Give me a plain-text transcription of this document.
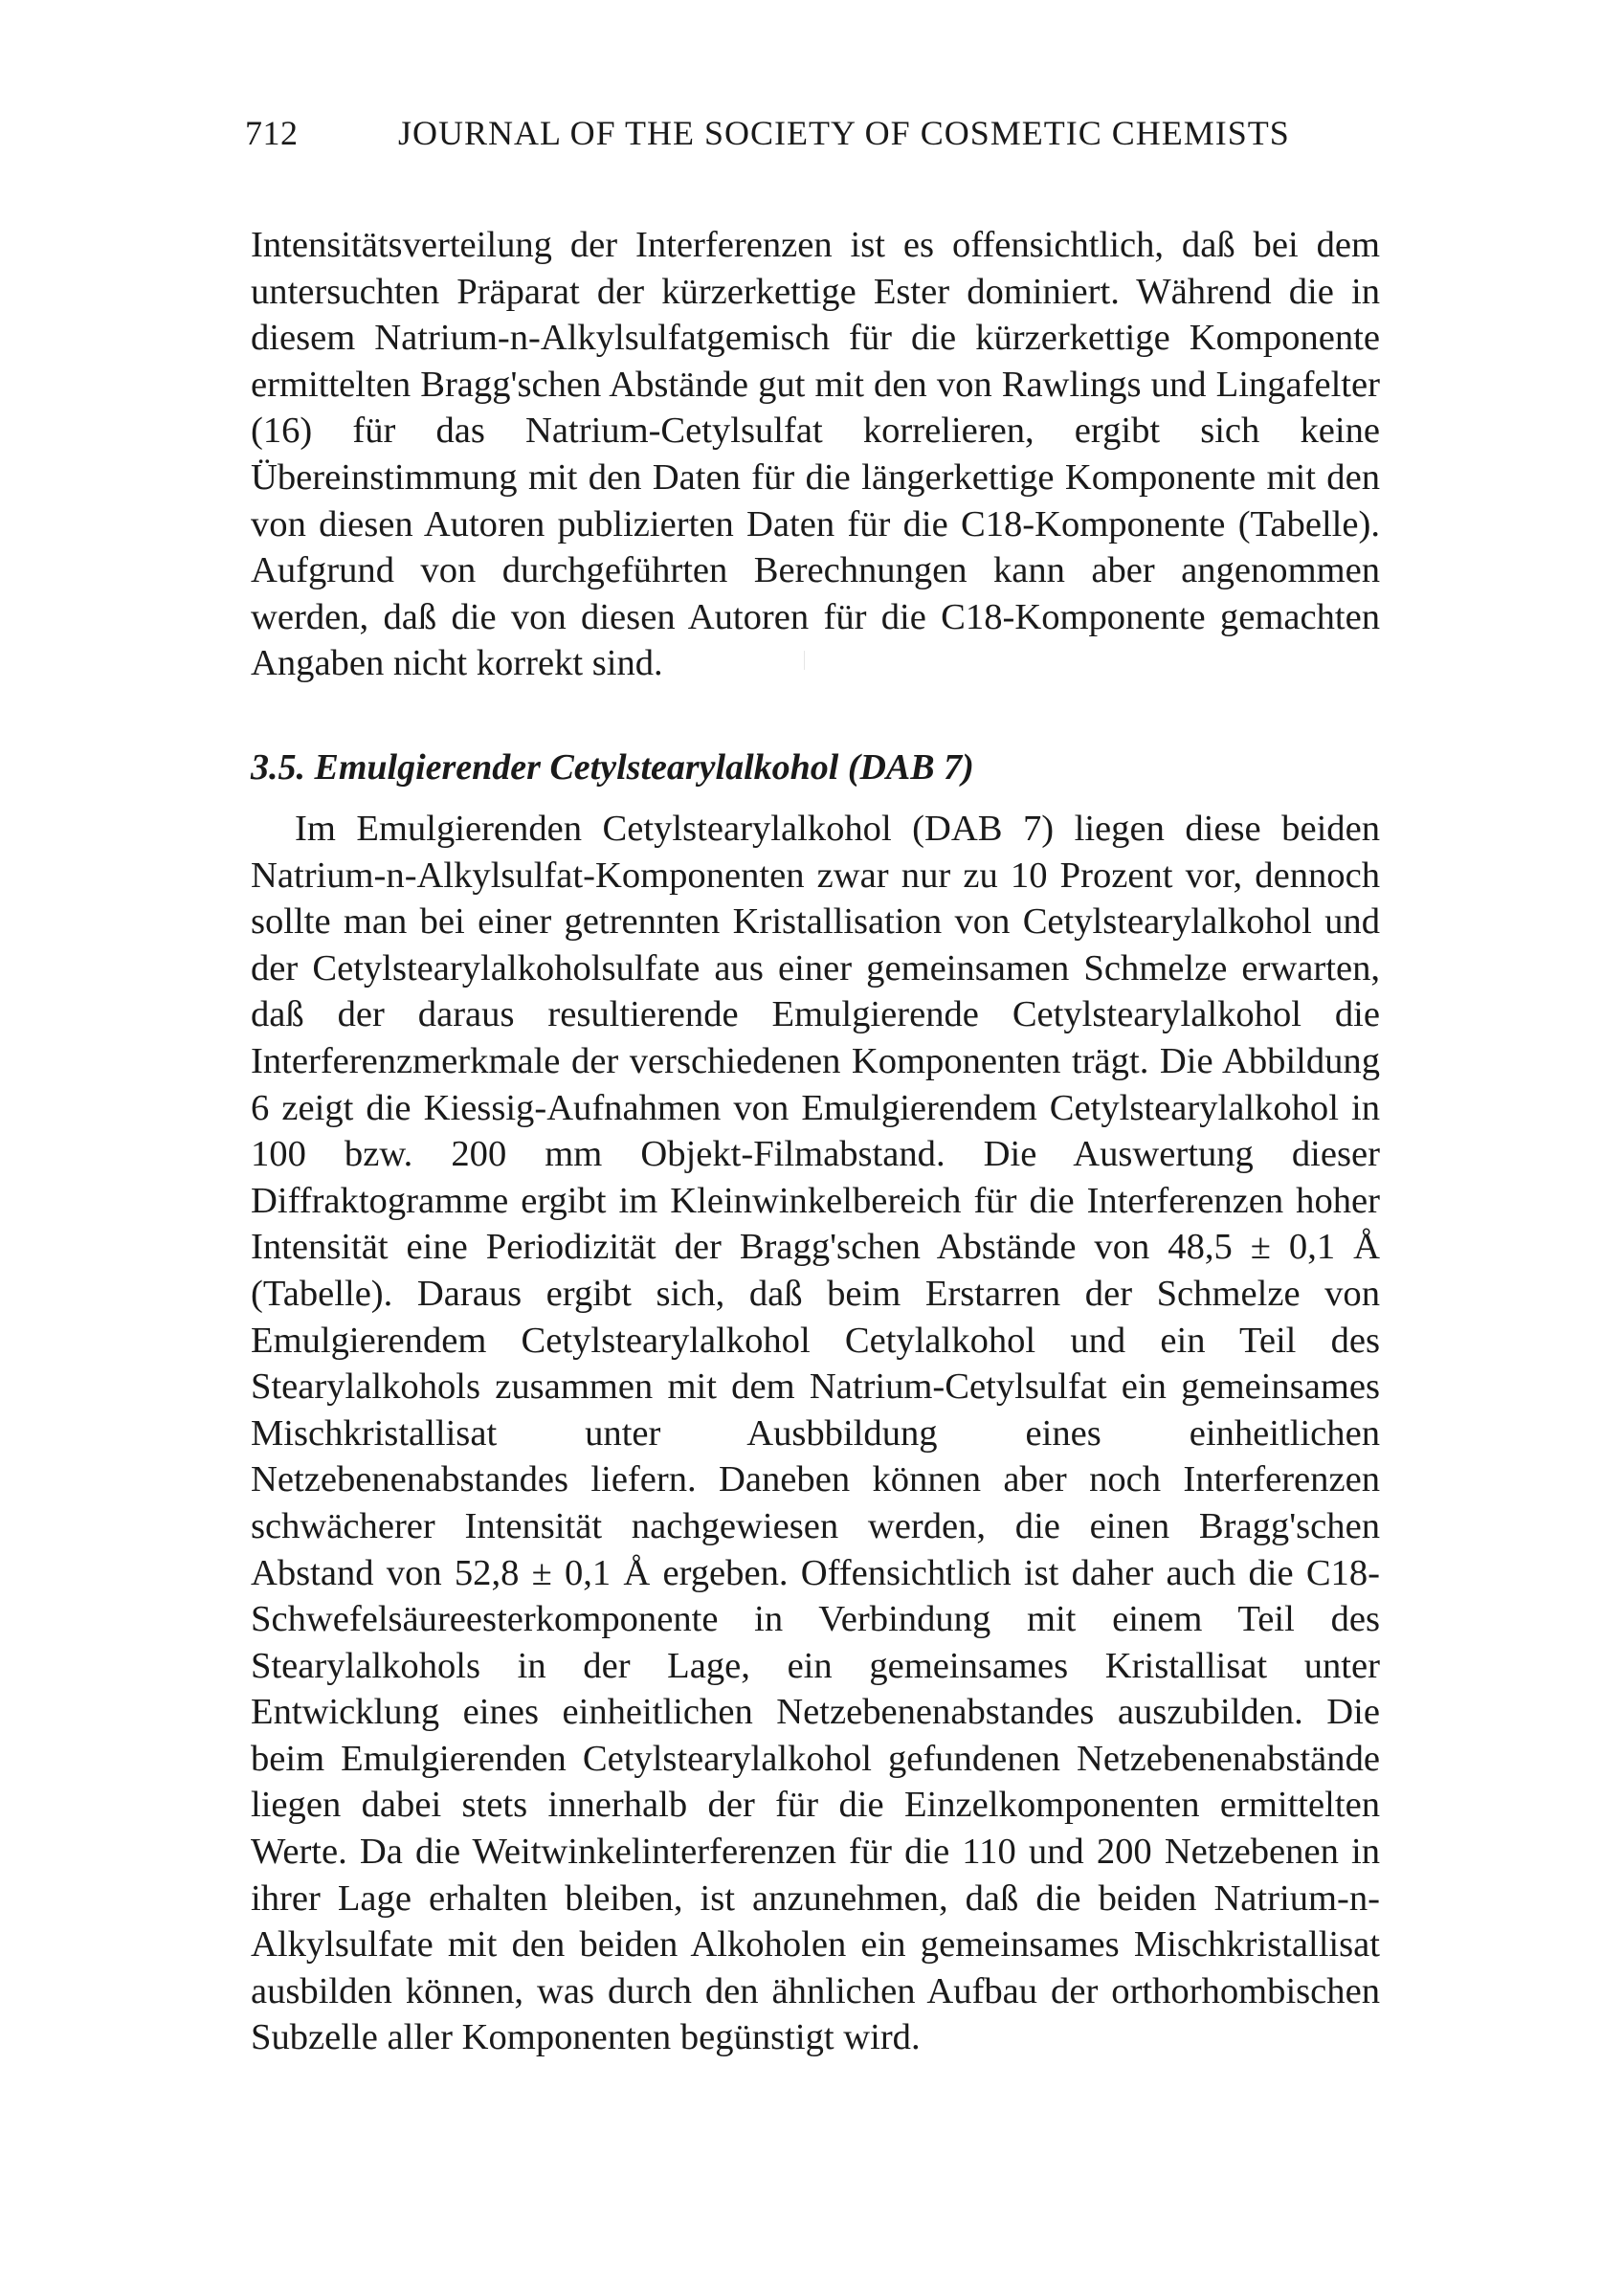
712	JOURNAL OF THE SOCIETY OF COSMETIC CHEMISTS

Intensitätsverteilung der Interferenzen ist es offensichtlich, daß bei dem untersuchten Präparat der kürzerkettige Ester dominiert. Während die in diesem Natrium-n-Alkylsulfatgemisch für die kürzerkettige Komponente ermittelten Bragg'schen Abstände gut mit den von Rawlings und Lingafelter (16) für das Natrium-Cetylsulfat korrelieren, ergibt sich keine Übereinstimmung mit den Daten für die längerkettige Komponente mit den von diesen Autoren publizierten Daten für die C18-Komponente (Tabelle). Aufgrund von durchgeführten Berechnungen kann aber angenommen werden, daß die von diesen Autoren für die C18-Komponente gemachten Angaben nicht korrekt sind.

3.5. Emulgierender Cetylstearylalkohol (DAB 7)

Im Emulgierenden Cetylstearylalkohol (DAB 7) liegen diese beiden Natrium-n-Alkylsulfat-Komponenten zwar nur zu 10 Prozent vor, dennoch sollte man bei einer getrennten Kristallisation von Cetylstearylalkohol und der Cetylstearylalkoholsulfate aus einer gemeinsamen Schmelze erwarten, daß der daraus resultierende Emulgierende Cetylstearylalkohol die Interferenzmerkmale der verschiedenen Komponenten trägt. Die Abbildung 6 zeigt die Kiessig-Aufnahmen von Emulgierendem Cetylstearylalkohol in 100 bzw. 200 mm Objekt-Filmabstand. Die Auswertung dieser Diffraktogramme ergibt im Kleinwinkelbereich für die Interferenzen hoher Intensität eine Periodizität der Bragg'schen Abstände von 48,5 ± 0,1 Å (Tabelle). Daraus ergibt sich, daß beim Erstarren der Schmelze von Emulgierendem Cetylstearylalkohol Cetylalkohol und ein Teil des Stearylalkohols zusammen mit dem Natrium-Cetylsulfat ein gemeinsames Mischkristallisat unter Ausbbildung eines einheitlichen Netzebenenabstandes liefern. Daneben können aber noch Interferenzen schwächerer Intensität nachgewiesen werden, die einen Bragg'schen Abstand von 52,8 ± 0,1 Å ergeben. Offensichtlich ist daher auch die C18-Schwefelsäureesterkomponente in Verbindung mit einem Teil des Stearylalkohols in der Lage, ein gemeinsames Kristallisat unter Entwicklung eines einheitlichen Netzebenenabstandes auszubilden. Die beim Emulgierenden Cetylstearylalkohol gefundenen Netzebenenabstände liegen dabei stets innerhalb der für die Einzelkomponenten ermittelten Werte. Da die Weitwinkelinterferenzen für die 110 und 200 Netzebenen in ihrer Lage erhalten bleiben, ist anzunehmen, daß die beiden Natrium-n-Alkylsulfate mit den beiden Alkoholen ein gemeinsames Mischkristallisat ausbilden können, was durch den ähnlichen Aufbau der orthorhombischen Subzelle aller Komponenten begünstigt wird.
